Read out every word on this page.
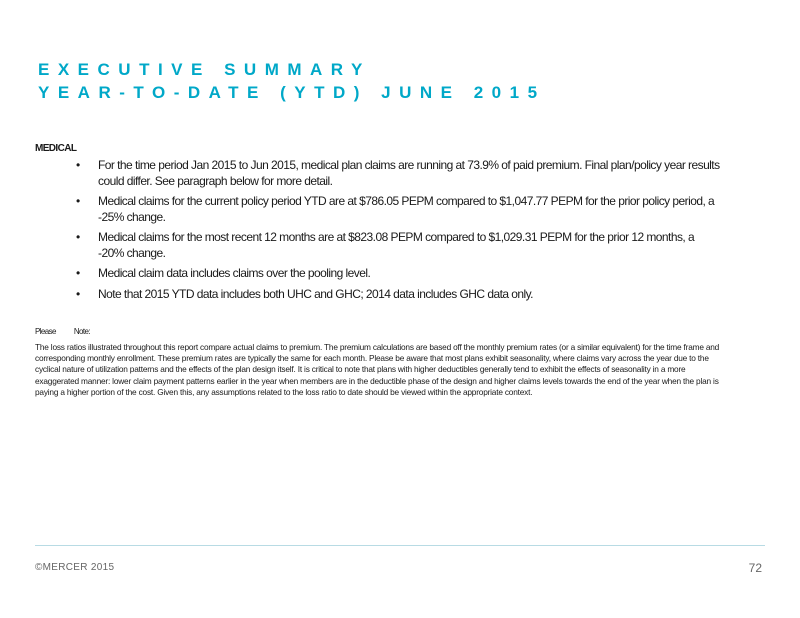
EXECUTIVE SUMMARY
YEAR-TO-DATE (YTD) JUNE 2015
MEDICAL
• For the time period Jan 2015 to Jun 2015, medical plan claims are running at 73.9% of paid premium. Final plan/policy year results could differ. See paragraph below for more detail.
• Medical claims for the current policy period YTD are at $786.05 PEPM compared to $1,047.77 PEPM for the prior policy period, a -25% change.
• Medical claims for the most recent 12 months are at $823.08 PEPM compared to $1,029.31 PEPM for the prior 12 months, a -20% change.
• Medical claim data includes claims over the pooling level.
• Note that 2015 YTD data includes both UHC and GHC; 2014 data includes GHC data only.
Please Note:
The loss ratios illustrated throughout this report compare actual claims to premium. The premium calculations are based off the monthly premium rates (or a similar equivalent) for the time frame and corresponding monthly enrollment. These premium rates are typically the same for each month. Please be aware that most plans exhibit seasonality, where claims vary across the year due to the cyclical nature of utilization patterns and the effects of the plan design itself. It is critical to note that plans with higher deductibles generally tend to exhibit the effects of seasonality in a more exaggerated manner: lower claim payment patterns earlier in the year when members are in the deductible phase of the design and higher claims levels towards the end of the year when the plan is paying a higher portion of the cost. Given this, any assumptions related to the loss ratio to date should be viewed within the appropriate context.
©MERCER 2015	72
